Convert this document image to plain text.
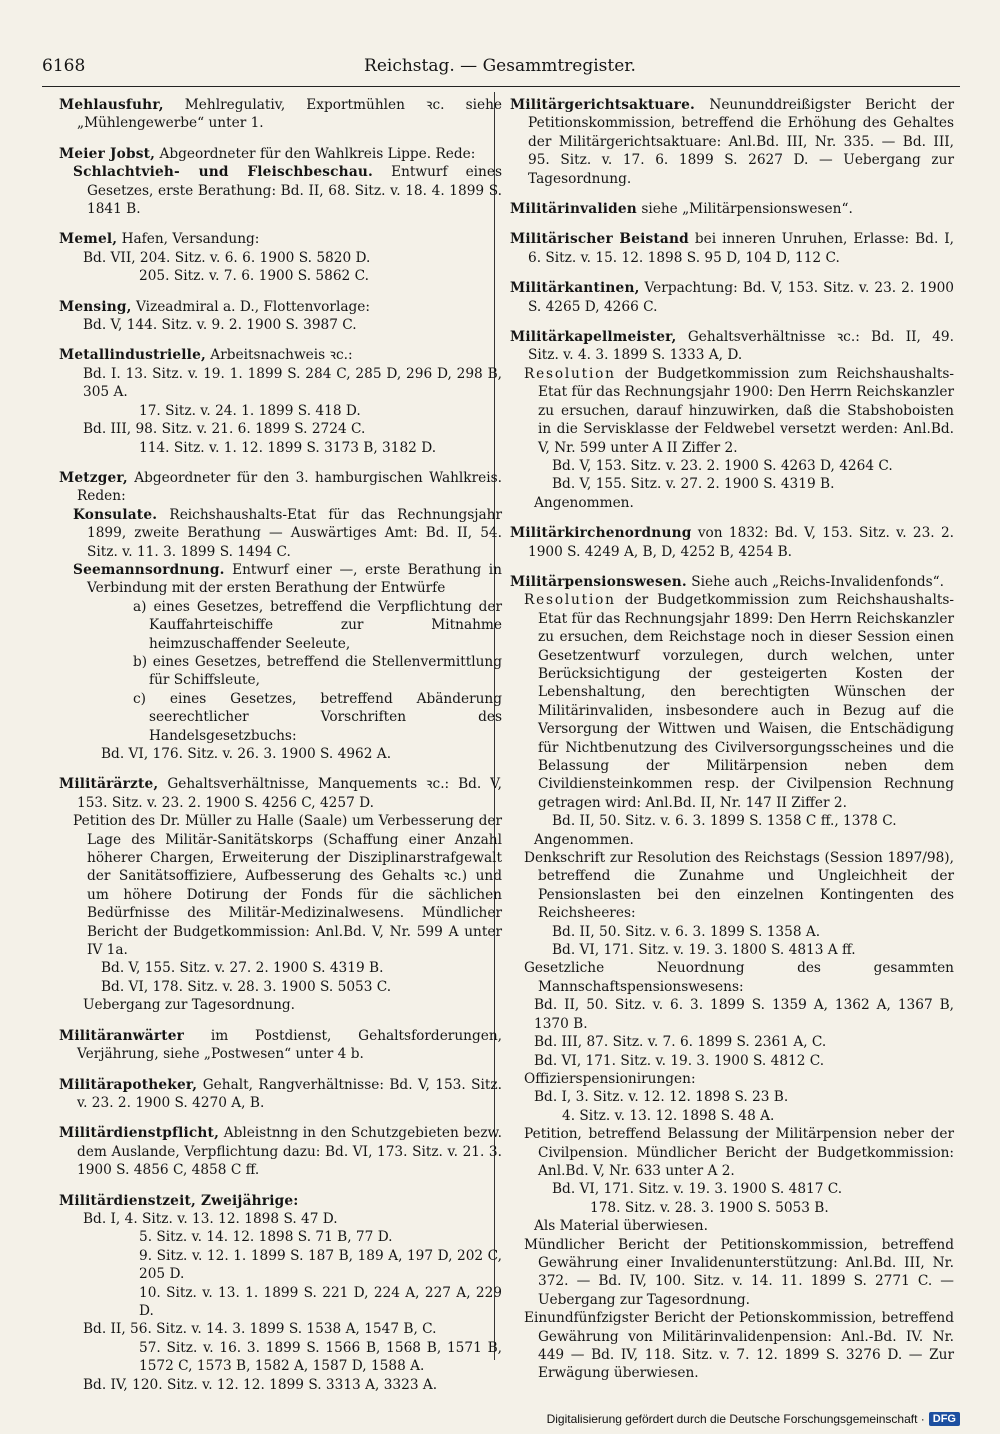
6168	Reichstag. — Gesammtregister.

Mehlausfuhr, Mehlregulativ, Exportmühlen ꝛc. siehe „Mühlengewerbe“ unter 1.

Meier Jobst, Abgeordneter für den Wahlkreis Lippe. Rede:

Schlachtvieh- und Fleischbeschau. Entwurf eines Gesetzes, erste Berathung: Bd. II, 68. Sitz. v. 18. 4. 1899 S. 1841 B.

Memel, Hafen, Versandung:

Bd. VII, 204. Sitz. v. 6. 6. 1900 S. 5820 D.

205. Sitz. v. 7. 6. 1900 S. 5862 C.

Mensing, Vizeadmiral a. D., Flottenvorlage:

Bd. V, 144. Sitz. v. 9. 2. 1900 S. 3987 C.

Metallindustrielle, Arbeitsnachweis ꝛc.:

Bd. I. 13. Sitz. v. 19. 1. 1899 S. 284 C, 285 D, 296 D, 298 B, 305 A.

17. Sitz. v. 24. 1. 1899 S. 418 D.

Bd. III, 98. Sitz. v. 21. 6. 1899 S. 2724 C.

114. Sitz. v. 1. 12. 1899 S. 3173 B, 3182 D.

Metzger, Abgeordneter für den 3. hamburgischen Wahlkreis. Reden:

Konsulate. Reichshaushalts-Etat für das Rechnungsjahr 1899, zweite Berathung — Auswärtiges Amt: Bd. II, 54. Sitz. v. 11. 3. 1899 S. 1494 C.

Seemannsordnung. Entwurf einer —, erste Berathung in Verbindung mit der ersten Berathung der Entwürfe

a) eines Gesetzes, betreffend die Verpflichtung der Kauffahrteischiffe zur Mitnahme heimzuschaffender Seeleute,

b) eines Gesetzes, betreffend die Stellenvermittlung für Schiffsleute,

c) eines Gesetzes, betreffend Abänderung seerechtlicher Vorschriften des Handelsgesetzbuchs:

Bd. VI, 176. Sitz. v. 26. 3. 1900 S. 4962 A.

Militärärzte, Gehaltsverhältnisse, Manquements ꝛc.: Bd. V, 153. Sitz. v. 23. 2. 1900 S. 4256 C, 4257 D.

Petition des Dr. Müller zu Halle (Saale) um Verbesserung der Lage des Militär-Sanitätskorps (Schaffung einer Anzahl höherer Chargen, Erweiterung der Disziplinarstrafgewalt der Sanitätsoffiziere, Aufbesserung des Gehalts ꝛc.) und um höhere Dotirung der Fonds für die sächlichen Bedürfnisse des Militär-Medizinalwesens. Mündlicher Bericht der Budgetkommission: Anl.Bd. V, Nr. 599 A unter IV 1a.

Bd. V, 155. Sitz. v. 27. 2. 1900 S. 4319 B.

Bd. VI, 178. Sitz. v. 28. 3. 1900 S. 5053 C.

Uebergang zur Tagesordnung.

Militäranwärter im Postdienst, Gehaltsforderungen, Verjährung, siehe „Postwesen“ unter 4 b.

Militärapotheker, Gehalt, Rangverhältnisse: Bd. V, 153. Sitz. v. 23. 2. 1900 S. 4270 A, B.

Militärdienstpflicht, Ableistnng in den Schutzgebieten bezw. dem Auslande, Verpflichtung dazu: Bd. VI, 173. Sitz. v. 21. 3. 1900 S. 4856 C, 4858 C ff.

Militärdienstzeit, Zweijährige:

Bd. I, 4. Sitz. v. 13. 12. 1898 S. 47 D.

5. Sitz. v. 14. 12. 1898 S. 71 B, 77 D.

9. Sitz. v. 12. 1. 1899 S. 187 B, 189 A, 197 D, 202 C, 205 D.

10. Sitz. v. 13. 1. 1899 S. 221 D, 224 A, 227 A, 229 D.

Bd. II, 56. Sitz. v. 14. 3. 1899 S. 1538 A, 1547 B, C.

57. Sitz. v. 16. 3. 1899 S. 1566 B, 1568 B, 1571 B, 1572 C, 1573 B, 1582 A, 1587 D, 1588 A.

Bd. IV, 120. Sitz. v. 12. 12. 1899 S. 3313 A, 3323 A.

Militärgerichtsaktuare. Neununddreißigster Bericht der Petitionskommission, betreffend die Erhöhung des Gehaltes der Militärgerichtsaktuare: Anl.Bd. III, Nr. 335. — Bd. III, 95. Sitz. v. 17. 6. 1899 S. 2627 D. — Uebergang zur Tagesordnung.

Militärinvaliden siehe „Militärpensionswesen“.

Militärischer Beistand bei inneren Unruhen, Erlasse: Bd. I, 6. Sitz. v. 15. 12. 1898 S. 95 D, 104 D, 112 C.

Militärkantinen, Verpachtung: Bd. V, 153. Sitz. v. 23. 2. 1900 S. 4265 D, 4266 C.

Militärkapellmeister, Gehaltsverhältnisse ꝛc.: Bd. II, 49. Sitz. v. 4. 3. 1899 S. 1333 A, D.

Resolution der Budgetkommission zum Reichshaushalts-Etat für das Rechnungsjahr 1900: Den Herrn Reichskanzler zu ersuchen, darauf hinzuwirken, daß die Stabshoboisten in die Servisklasse der Feldwebel versetzt werden: Anl.Bd. V, Nr. 599 unter A II Ziffer 2.

Bd. V, 153. Sitz. v. 23. 2. 1900 S. 4263 D, 4264 C.

Bd. V, 155. Sitz. v. 27. 2. 1900 S. 4319 B.

Angenommen.

Militärkirchenordnung von 1832: Bd. V, 153. Sitz. v. 23. 2. 1900 S. 4249 A, B, D, 4252 B, 4254 B.

Militärpensionswesen. Siehe auch „Reichs-Invalidenfonds“.

Resolution der Budgetkommission zum Reichshaushalts-Etat für das Rechnungsjahr 1899: Den Herrn Reichskanzler zu ersuchen, dem Reichstage noch in dieser Session einen Gesetzentwurf vorzulegen, durch welchen, unter Berücksichtigung der gesteigerten Kosten der Lebenshaltung, den berechtigten Wünschen der Militärinvaliden, insbesondere auch in Bezug auf die Versorgung der Wittwen und Waisen, die Entschädigung für Nichtbenutzung des Civilversorgungsscheines und die Belassung der Militärpension neben dem Civildiensteinkommen resp. der Civilpension Rechnung getragen wird: Anl.Bd. II, Nr. 147 II Ziffer 2.

Bd. II, 50. Sitz. v. 6. 3. 1899 S. 1358 C ff., 1378 C.

Angenommen.

Denkschrift zur Resolution des Reichstags (Session 1897/98), betreffend die Zunahme und Ungleichheit der Pensionslasten bei den einzelnen Kontingenten des Reichsheeres:

Bd. II, 50. Sitz. v. 6. 3. 1899 S. 1358 A.

Bd. VI, 171. Sitz. v. 19. 3. 1800 S. 4813 A ff.

Gesetzliche Neuordnung des gesammten Mannschaftspensionswesens:

Bd. II, 50. Sitz. v. 6. 3. 1899 S. 1359 A, 1362 A, 1367 B, 1370 B.

Bd. III, 87. Sitz. v. 7. 6. 1899 S. 2361 A, C.

Bd. VI, 171. Sitz. v. 19. 3. 1900 S. 4812 C.

Offizierspensionirungen:

Bd. I, 3. Sitz. v. 12. 12. 1898 S. 23 B.

4. Sitz. v. 13. 12. 1898 S. 48 A.

Petition, betreffend Belassung der Militärpension neber der Civilpension. Mündlicher Bericht der Budgetkommission: Anl.Bd. V, Nr. 633 unter A 2.

Bd. VI, 171. Sitz. v. 19. 3. 1900 S. 4817 C.

178. Sitz. v. 28. 3. 1900 S. 5053 B.

Als Material überwiesen.

Mündlicher Bericht der Petitionskommission, betreffend Gewährung einer Invalidenunterstützung: Anl.Bd. III, Nr. 372. — Bd. IV, 100. Sitz. v. 14. 11. 1899 S. 2771 C. — Uebergang zur Tagesordnung.

Einundfünfzigster Bericht der Petionskommission, betreffend Gewährung von Militärinvalidenpension: Anl.-Bd. IV. Nr. 449 — Bd. IV, 118. Sitz. v. 7. 12. 1899 S. 3276 D. — Zur Erwägung überwiesen.

Digitalisierung gefördert durch die Deutsche Forschungsgemeinschaft · DFG
